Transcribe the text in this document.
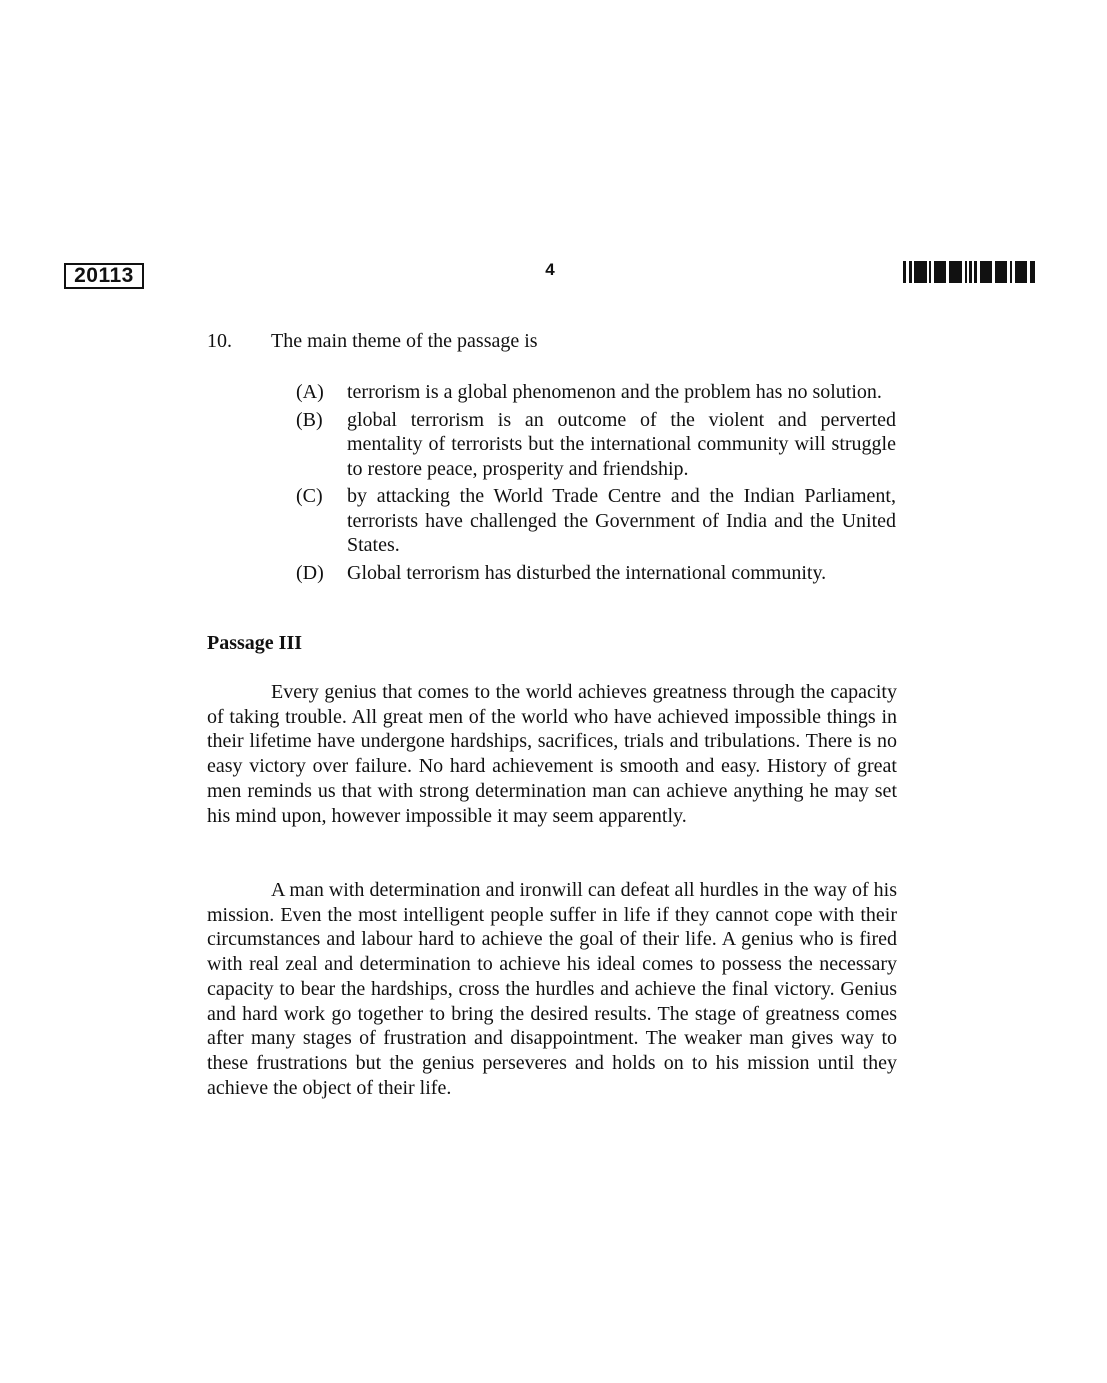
20113	4
10.	The main theme of the passage is
(A)	terrorism is a global phenomenon and the problem has no solution.
(B)	global terrorism is an outcome of the violent and perverted mentality of terrorists but the international community will struggle to restore peace, prosperity and friendship.
(C)	by attacking the World Trade Centre and the Indian Parliament, terrorists have challenged the Government of India and the United States.
(D)	Global terrorism has disturbed the international community.
Passage III

Every genius that comes to the world achieves greatness through the capacity of taking trouble. All great men of the world who have achieved impossible things in their lifetime have undergone hardships, sacrifices, trials and tribulations. There is no easy victory over failure. No hard achievement is smooth and easy. History of great men reminds us that with strong determination man can achieve anything he may set his mind upon, however impossible it may seem apparently.

A man with determination and ironwill can defeat all hurdles in the way of his mission. Even the most intelligent people suffer in life if they cannot cope with their circumstances and labour hard to achieve the goal of their life. A genius who is fired with real zeal and determination to achieve his ideal comes to possess the necessary capacity to bear the hardships, cross the hurdles and achieve the final victory. Genius and hard work go together to bring the desired results. The stage of greatness comes after many stages of frustration and disappointment. The weaker man gives way to these frustrations but the genius perseveres and holds on to his mission until they achieve the object of their life.
